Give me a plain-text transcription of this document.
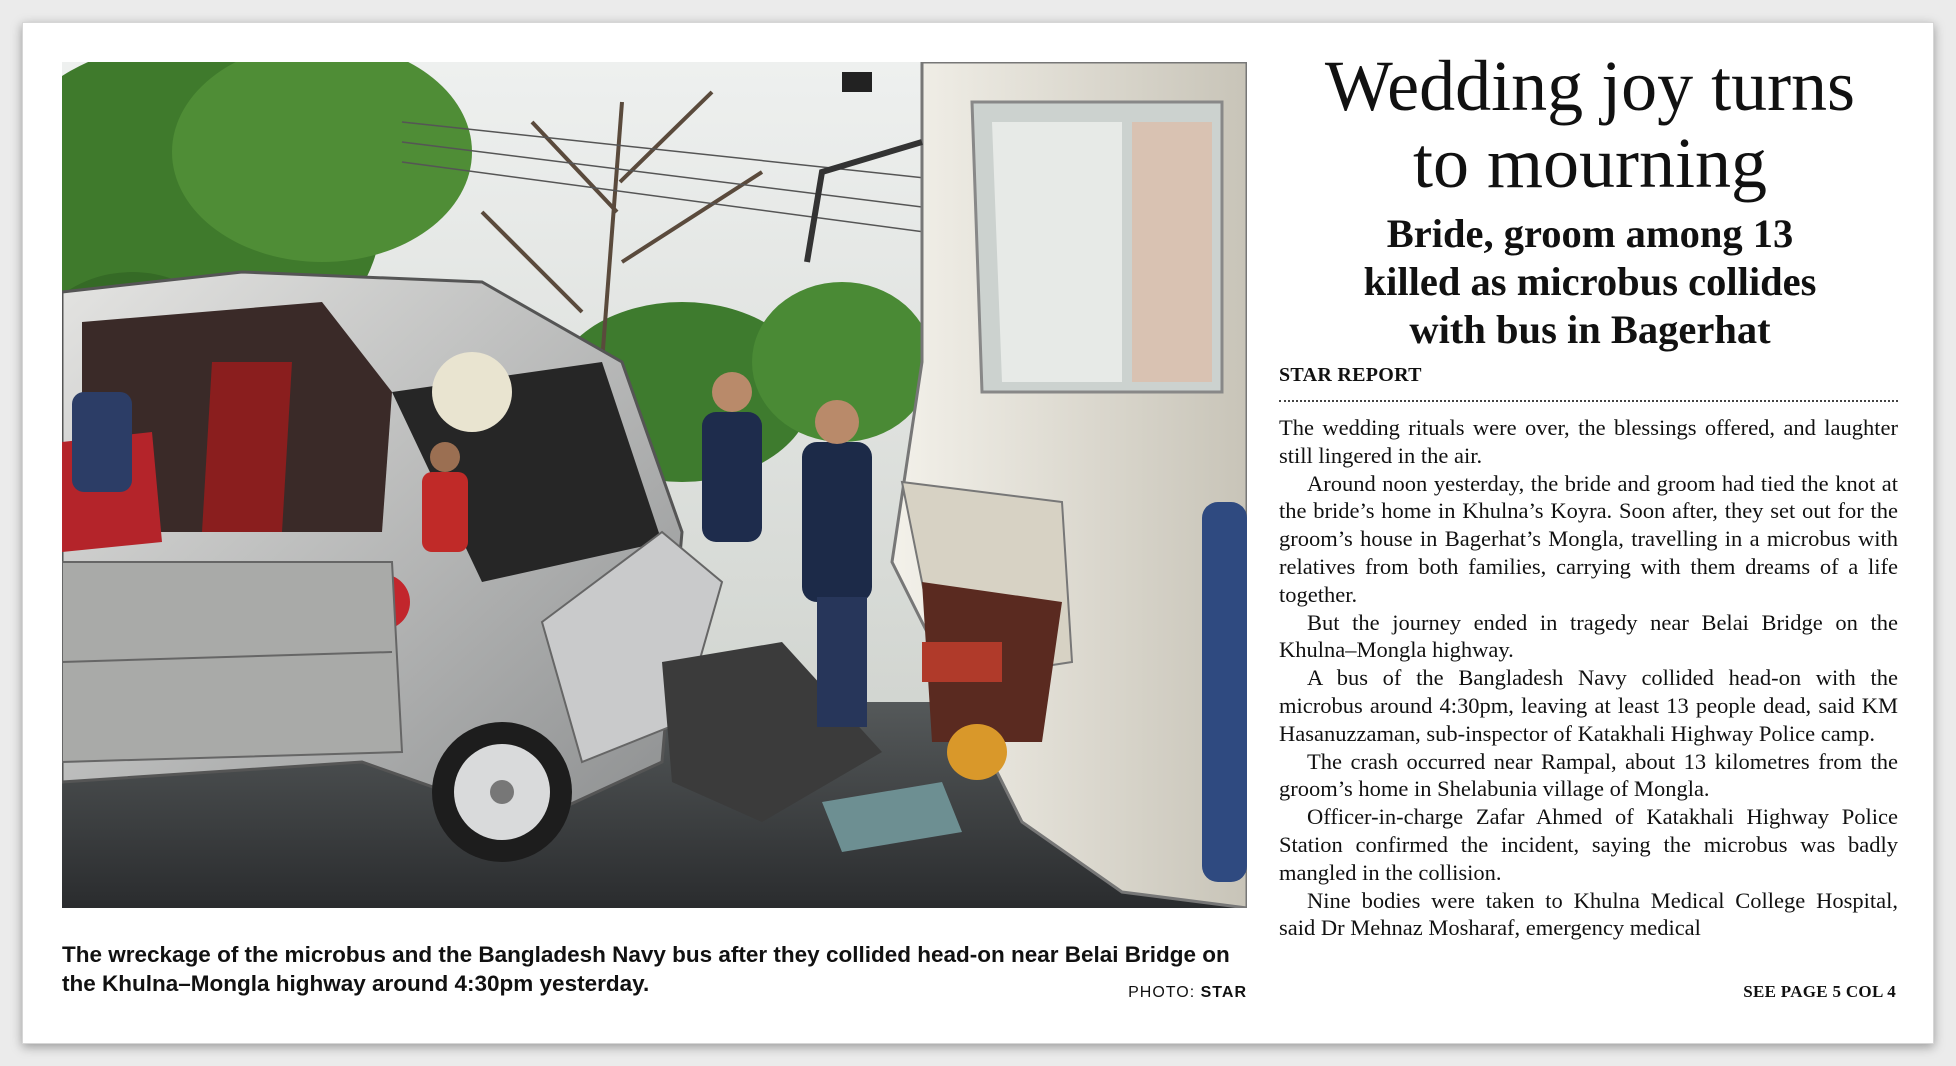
The wreckage of the microbus and the Bangladesh Navy bus after they collided head-on near Belai Bridge on the Khulna–Mongla highway around 4:30pm yesterday.	PHOTO: STAR
Wedding joy turns
to mourning
Bride, groom among 13
killed as microbus collides
with bus in Bagerhat
STAR REPORT

The wedding rituals were over, the blessings offered, and laughter still lingered in the air.

Around noon yesterday, the bride and groom had tied the knot at the bride’s home in Khulna’s Koyra. Soon after, they set out for the groom’s house in Bagerhat’s Mongla, travelling in a microbus with relatives from both families, carrying with them dreams of a life together.

But the journey ended in tragedy near Belai Bridge on the Khulna–Mongla highway.

A bus of the Bangladesh Navy collided head-on with the microbus around 4:30pm, leaving at least 13 people dead, said KM Hasanuzzaman, sub-inspector of Katakhali Highway Police camp.

The crash occurred near Rampal, about 13 kilometres from the groom’s home in Shelabunia village of Mongla.

Officer-in-charge Zafar Ahmed of Katakhali Highway Police Station confirmed the incident, saying the microbus was badly mangled in the collision.

Nine bodies were taken to Khulna Medical College Hospital, said Dr Mehnaz Mosharaf, emergency medical

SEE PAGE 5 COL 4
